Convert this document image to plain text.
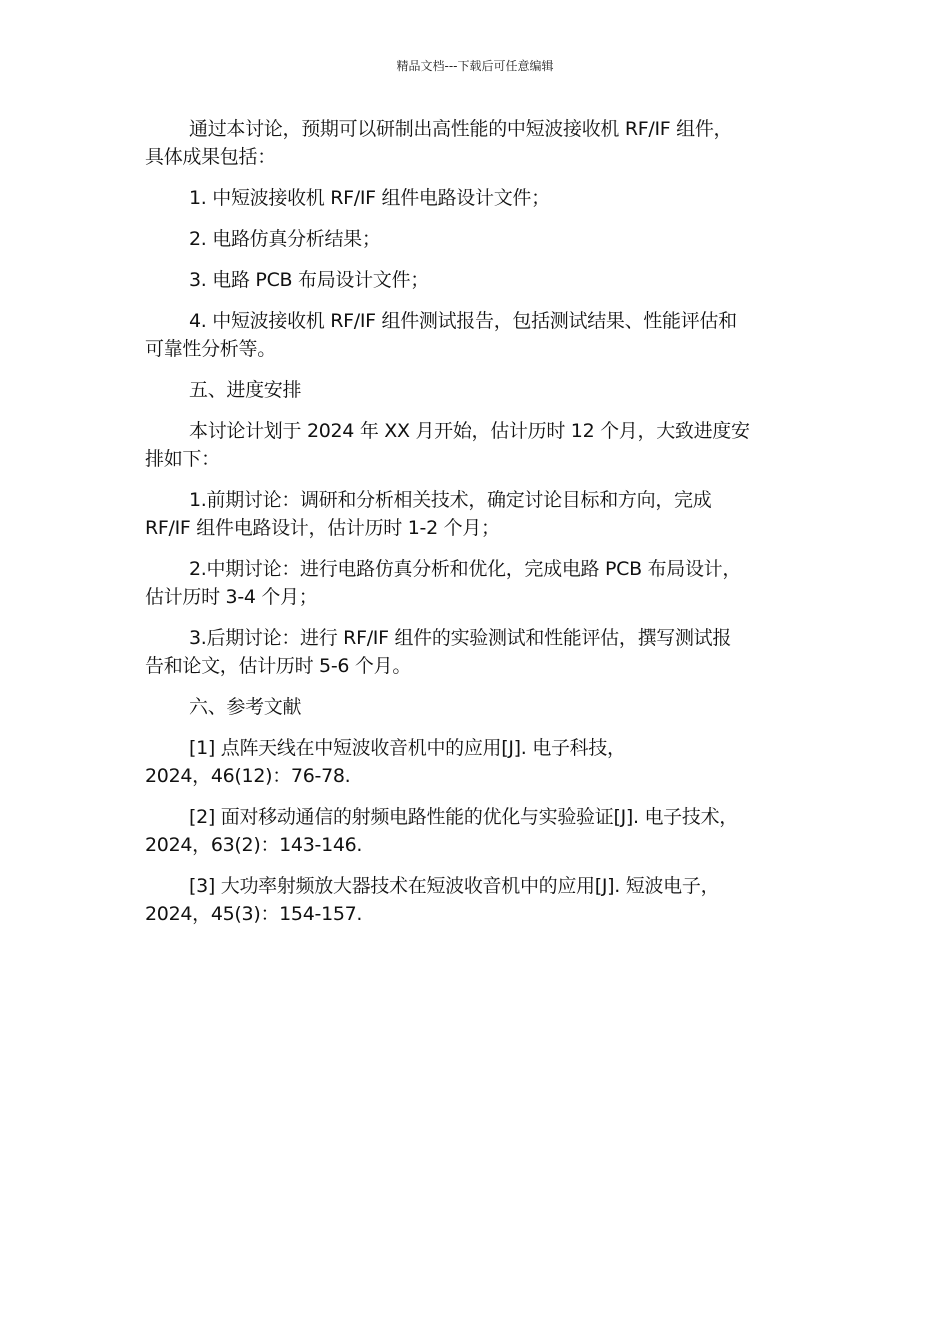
精品文档---下载后可任意编辑

通过本讨论，预期可以研制出高性能的中短波接收机 RF/IF 组件，
具体成果包括：

1. 中短波接收机 RF/IF 组件电路设计文件；

2. 电路仿真分析结果；

3. 电路 PCB 布局设计文件；

4. 中短波接收机 RF/IF 组件测试报告，包括测试结果、性能评估和
可靠性分析等。

五、进度安排

本讨论计划于 2024 年 XX 月开始，估计历时 12 个月，大致进度安
排如下：

1.前期讨论：调研和分析相关技术，确定讨论目标和方向，完成
RF/IF 组件电路设计，估计历时 1-2 个月；

2.中期讨论：进行电路仿真分析和优化，完成电路 PCB 布局设计，
估计历时 3-4 个月；

3.后期讨论：进行 RF/IF 组件的实验测试和性能评估，撰写测试报
告和论文，估计历时 5-6 个月。

六、参考文献

[1] 点阵天线在中短波收音机中的应用[J]. 电子科技，
2024，46(12)：76-78.

[2] 面对移动通信的射频电路性能的优化与实验验证[J]. 电子技术，
2024，63(2)：143-146.

[3] 大功率射频放大器技术在短波收音机中的应用[J]. 短波电子，
2024，45(3)：154-157.
